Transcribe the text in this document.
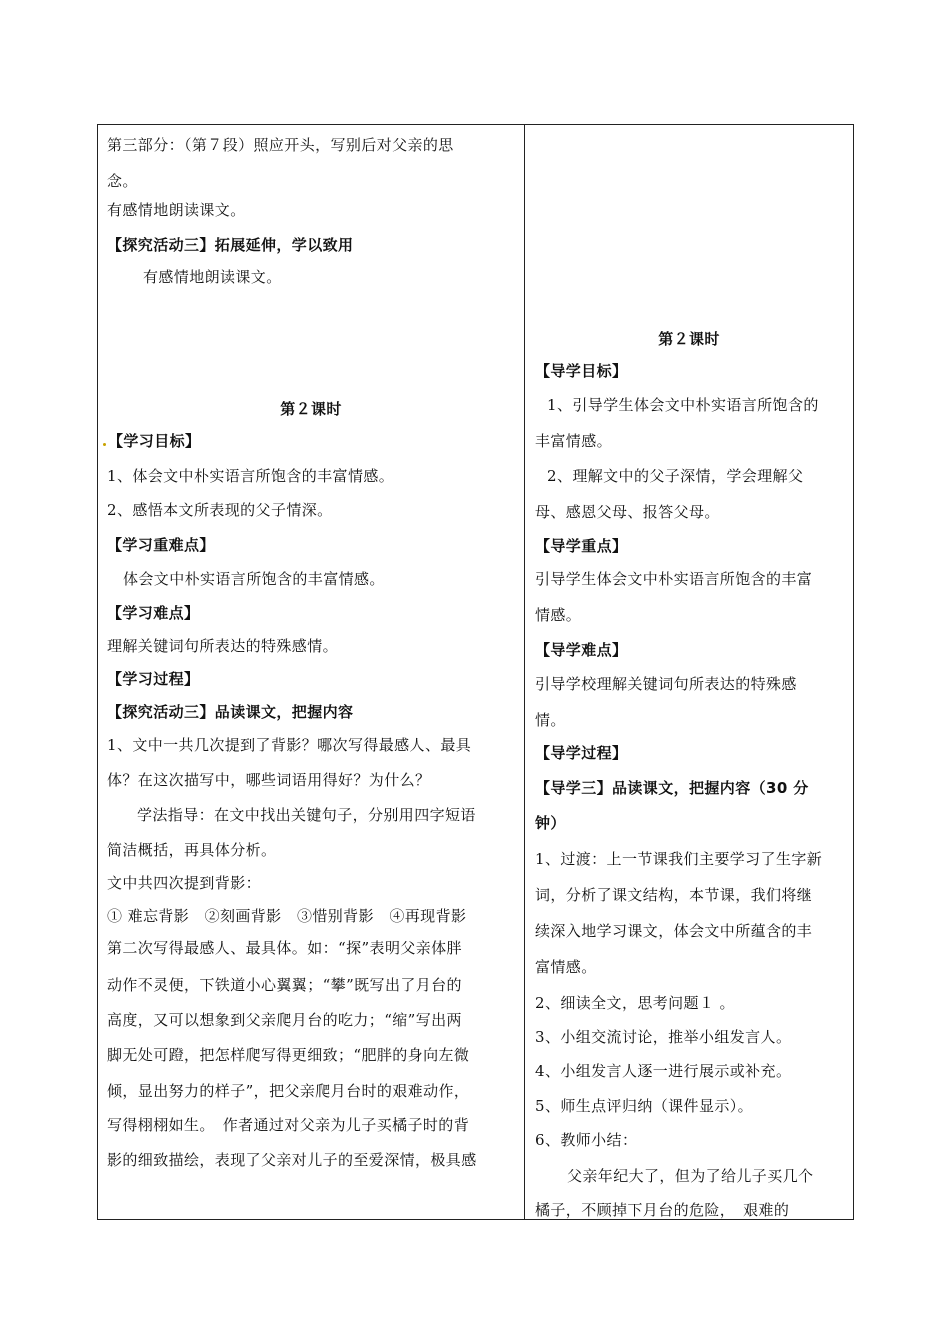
第三部分：（第７段）照应开头，写别后对父亲的思
念。
有感情地朗读课文。
【探究活动三】拓展延伸，学以致用
有感情地朗读课文。
第２课时
【学习目标】
1、体会文中朴实语言所饱含的丰富情感。
2、感悟本文所表现的父子情深。
【学习重难点】
体会文中朴实语言所饱含的丰富情感。
【学习难点】
理解关键词句所表达的特殊感情。
【学习过程】
【探究活动三】品读课文，把握内容
1、文中一共几次提到了背影？哪次写得最感人、最具
体？在这次描写中，哪些词语用得好？为什么？
学法指导：在文中找出关键句子，分别用四字短语
简洁概括，再具体分析。
文中共四次提到背影：
① 难忘背影　②刻画背影　③惜别背影　④再现背影
第二次写得最感人、最具体。如：“探”表明父亲体胖
动作不灵便，下铁道小心翼翼；“攀”既写出了月台的
高度，又可以想象到父亲爬月台的吃力；“缩”写出两
脚无处可蹬，把怎样爬写得更细致；“肥胖的身向左微
倾，显出努力的样子”，把父亲爬月台时的艰难动作，
写得栩栩如生。　作者通过对父亲为儿子买橘子时的背
影的细致描绘，表现了父亲对儿子的至爱深情，极具感
第２课时
【导学目标】
1、引导学生体会文中朴实语言所饱含的
丰富情感。
2、理解文中的父子深情，学会理解父
母、感恩父母、报答父母。
【导学重点】
引导学生体会文中朴实语言所饱含的丰富
情感。
【导学难点】
引导学校理解关键词句所表达的特殊感
情。
【导学过程】
【导学三】品读课文，把握内容（30 分
钟）
1、过渡：上一节课我们主要学习了生字新
词，分析了课文结构，本节课，我们将继
续深入地学习课文，体会文中所蕴含的丰
富情感。
2、细读全文，思考问题１ 。
3、小组交流讨论，推举小组发言人。
4、小组发言人逐一进行展示或补充。
5、师生点评归纳（课件显示）。
6、教师小结：
父亲年纪大了，但为了给儿子买几个
橘子，不顾掉下月台的危险，　艰难的
